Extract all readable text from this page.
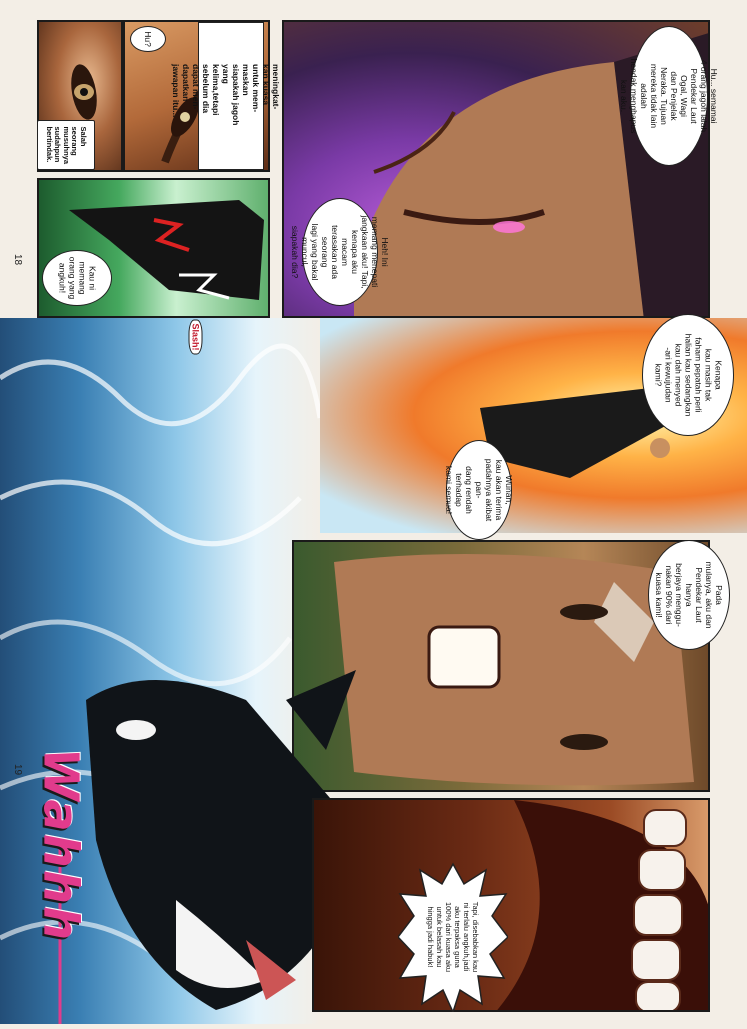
Hu?
meningkat-
kan kuasa untuk mem-
maskan siapakah jagoh
yang kelima,tetapi
sebelum dia dapat men-
dapatkan jawapan itu...
Salah
seorang
musuhnya
sudahpun
bertindak.
18
Kau ni
memang
orang yang
angkuh!
Hu... semamai
4 orang jagoh ialah
Pendekar Laut Ogal, Wagi
dan Penjelak Neraka. Tujuan
mereka tidak lain adalah
hendak menghapus
kan aku.
Heh! Ini
memang menepati
jangkaan aku! Tapi,
kenapa aku macam
terasakan ada seorang
lagi yang bakal muncul,
siapakah dia?
Slash!
Kenapa
kau masih tak
faham pepatah perli
halian kau sedangkan
kau dah menyed
-ari kewujudan
kami?
Wunan,
kau akan terima
padahnya akibat pan-
dang rendah terhadap
kami semua!
Pada
mulanya, aku dan
Pendekar Laut hanya
berjaya menggu-
nakan 90% dari
kuasa kami!
Tapi, disebabkan kau
ni terlalu angkuh,jadi
aku terpaksa guna
100% dari kuasa aku
untuk belasah kau
hingga jadi habuk!
19 Wahhh
